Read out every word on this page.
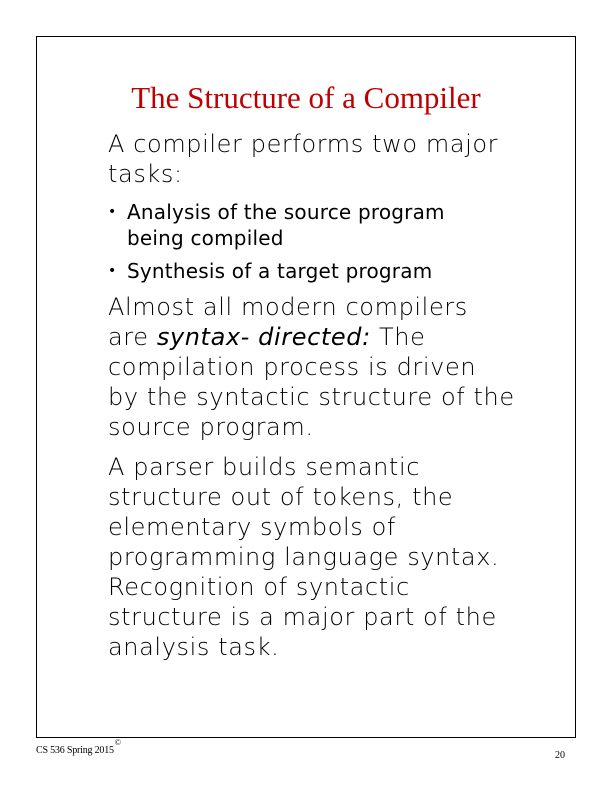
The Structure of a Compiler
A compiler performs two major
tasks:
• Analysis of the source program
being compiled
• Synthesis of a target program
Almost all modern compilers
are syntax- directed: The
compilation process is driven
by the syntactic structure of the
source program.
A parser builds semantic
structure out of tokens, the
elementary symbols of
programming language syntax.
Recognition of syntactic
structure is a major part of the
analysis task.
CS 536 Spring 2015©
20
